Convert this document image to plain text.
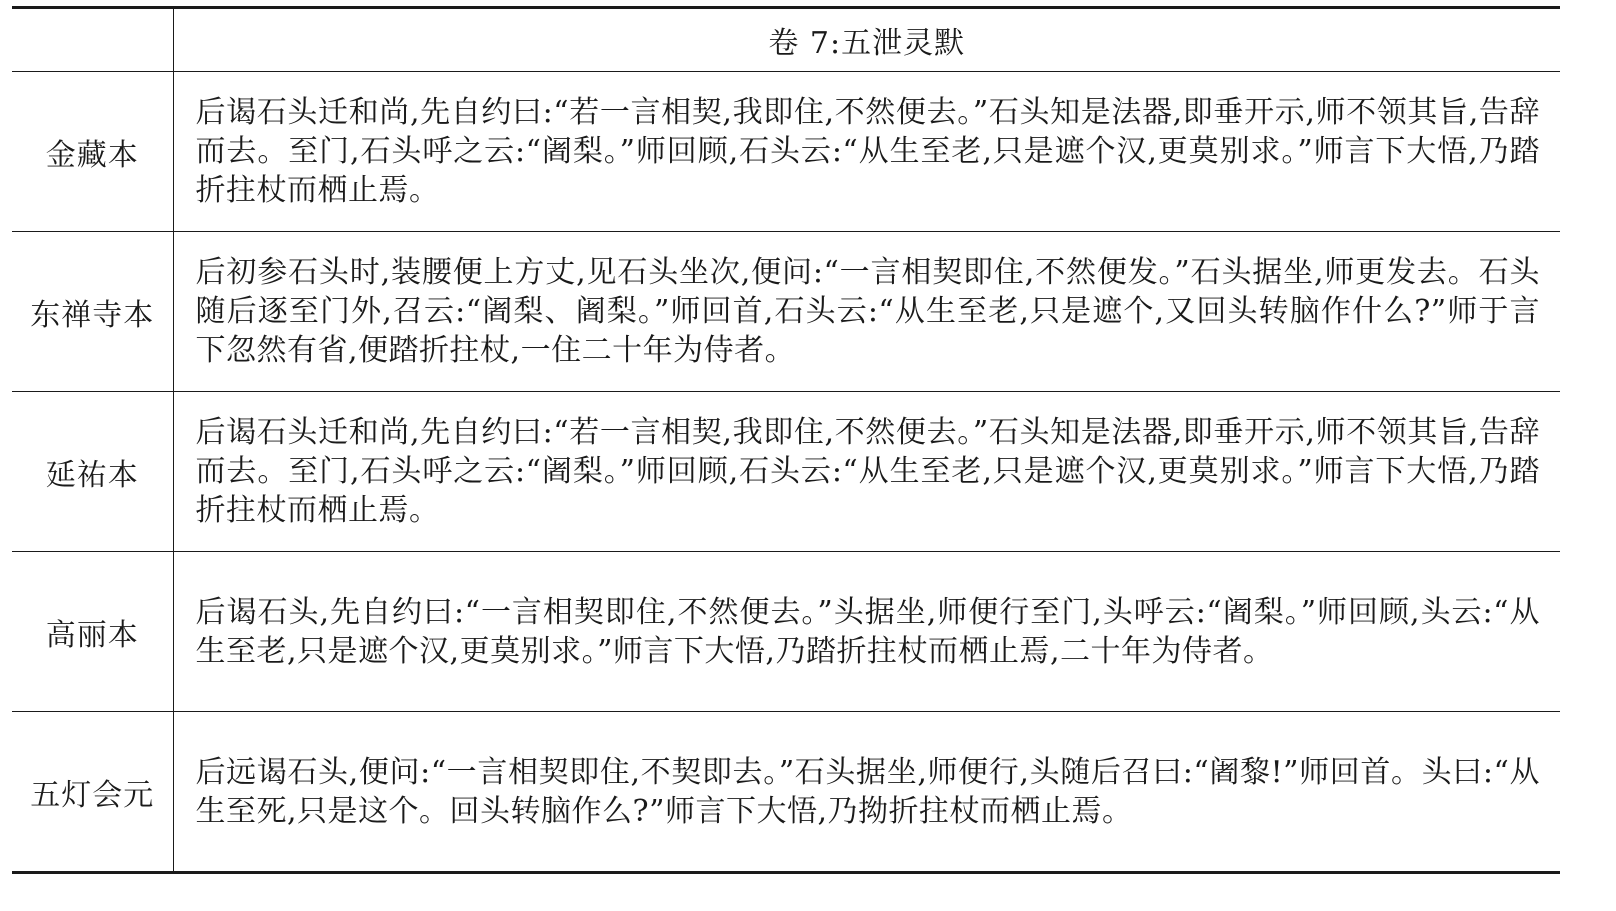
	卷 7:五泄灵默
金藏本	后谒石头迁和尚,先自约曰:“若一言相契,我即住,不然便去。”石头知是法器,即垂开示,师不领其旨,告辞而去。至门,石头呼之云:“阇梨。”师回顾,石头云:“从生至老,只是遮个汉,更莫别求。”师言下大悟,乃踏折拄杖而栖止焉。
东禅寺本	后初参石头时,装腰便上方丈,见石头坐次,便问:“一言相契即住,不然便发。”石头据坐,师更发去。石头随后逐至门外,召云:“阇梨、阇梨。”师回首,石头云:“从生至老,只是遮个,又回头转脑作什么?”师于言下忽然有省,便踏折拄杖,一住二十年为侍者。
延祐本	后谒石头迁和尚,先自约曰:“若一言相契,我即住,不然便去。”石头知是法器,即垂开示,师不领其旨,告辞而去。至门,石头呼之云:“阇梨。”师回顾,石头云:“从生至老,只是遮个汉,更莫别求。”师言下大悟,乃踏折拄杖而栖止焉。
高丽本	后谒石头,先自约曰:“一言相契即住,不然便去。”头据坐,师便行至门,头呼云:“阇梨。”师回顾,头云:“从生至老,只是遮个汉,更莫别求。”师言下大悟,乃踏折拄杖而栖止焉,二十年为侍者。
五灯会元	后远谒石头,便问:“一言相契即住,不契即去。”石头据坐,师便行,头随后召曰:“阇黎!”师回首。头曰:“从生至死,只是这个。回头转脑作么?”师言下大悟,乃拗折拄杖而栖止焉。
